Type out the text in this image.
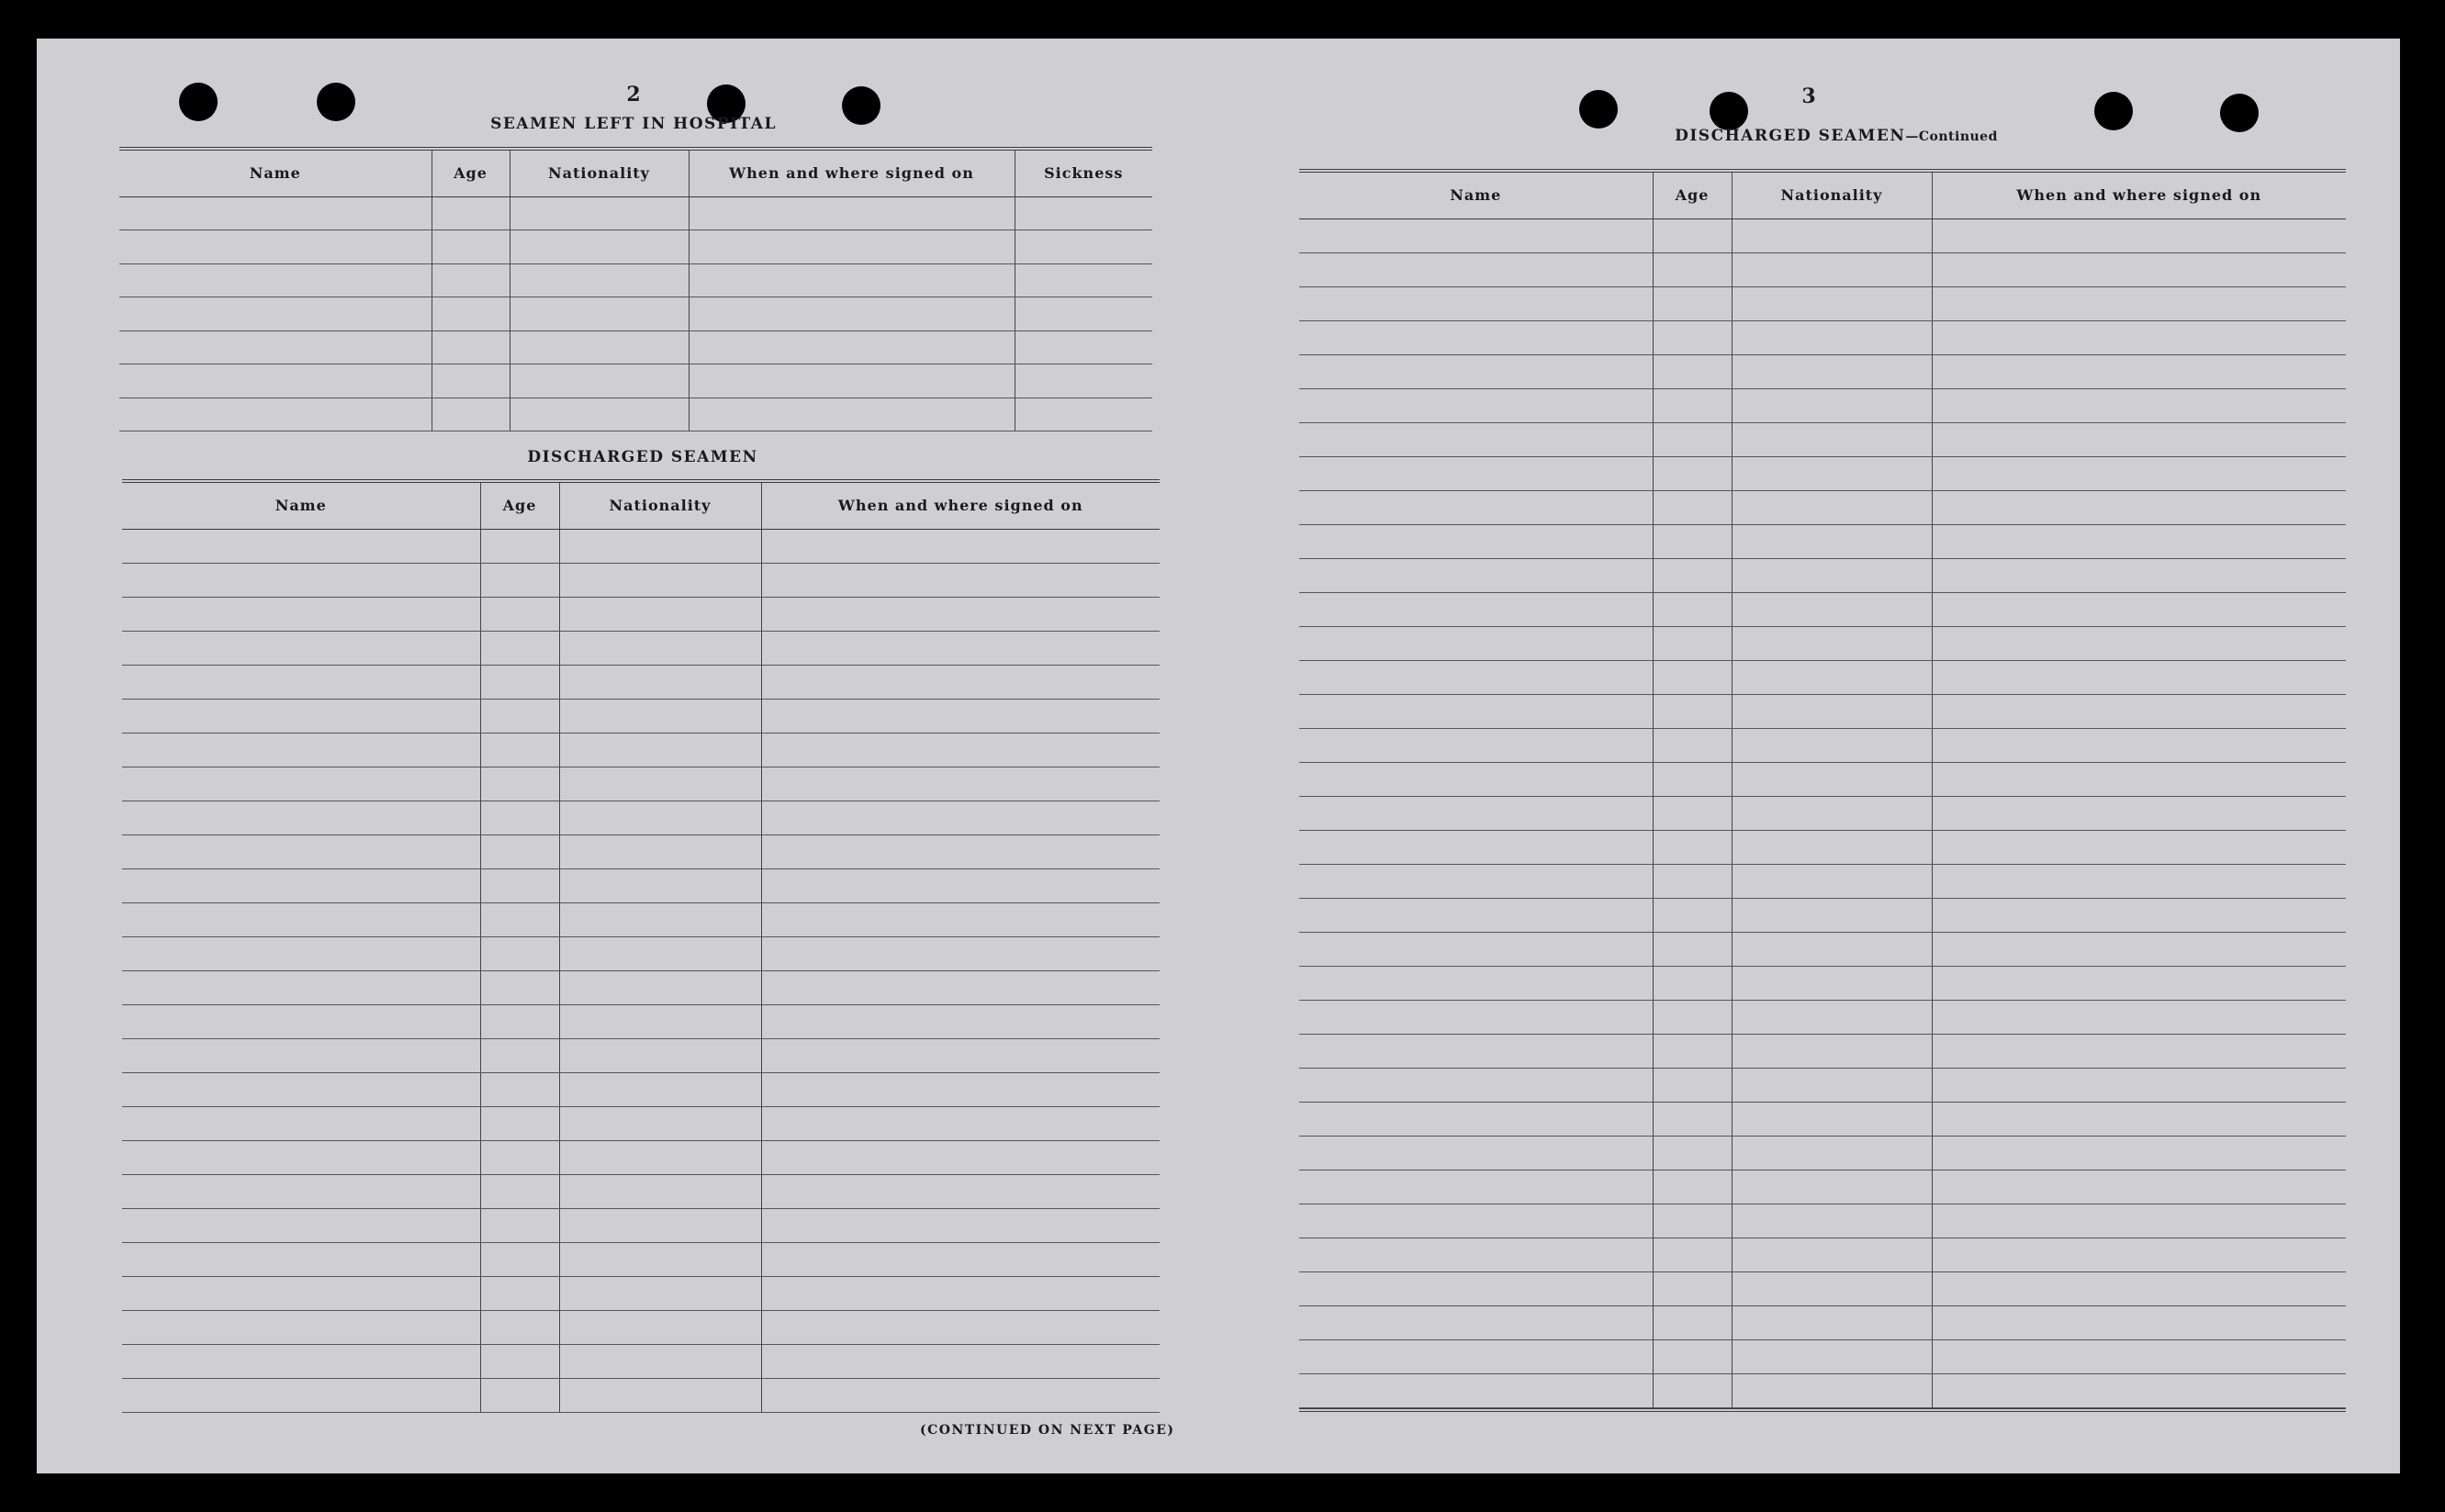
2
SEAMEN LEFT IN HOSPITAL
Name	Age	Nationality	When and where signed on	Sickness

DISCHARGED SEAMEN
Name	Age	Nationality	When and where signed on

(CONTINUED ON NEXT PAGE)
3
DISCHARGED SEAMEN—Continued
Name	Age	Nationality	When and where signed on
